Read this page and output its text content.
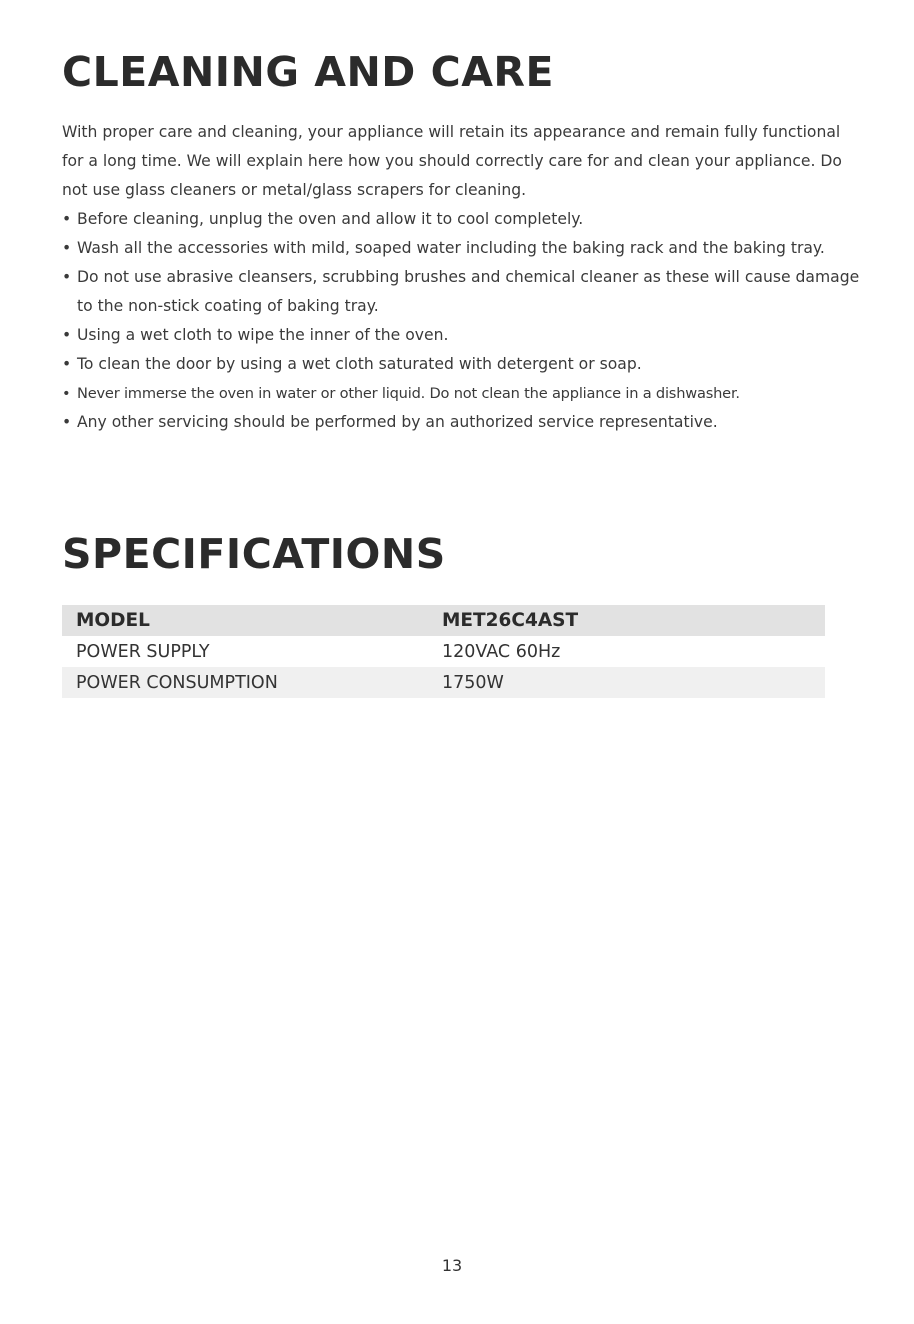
CLEANING AND CARE

With proper care and cleaning, your appliance will retain its appearance and remain fully functional for a long time. We will explain here how you should correctly care for and clean your appliance. Do not use glass cleaners or metal/glass scrapers for cleaning.

• Before cleaning, unplug the oven and allow it to cool completely.
• Wash all the accessories with mild, soaped water including the baking rack and the baking tray.
• Do not use abrasive cleansers, scrubbing brushes and chemical cleaner as these will cause damage to the non-stick coating of baking tray.
• Using a wet cloth to wipe the inner of the oven.
• To clean the door by using a wet cloth saturated with detergent or soap.
• Never immerse the oven in water or other liquid. Do not clean the appliance in a dishwasher.
• Any other servicing should be performed by an authorized service representative.
SPECIFICATIONS
MODEL	MET26C4AST
POWER SUPPLY	120VAC 60Hz
POWER CONSUMPTION	1750W
13
